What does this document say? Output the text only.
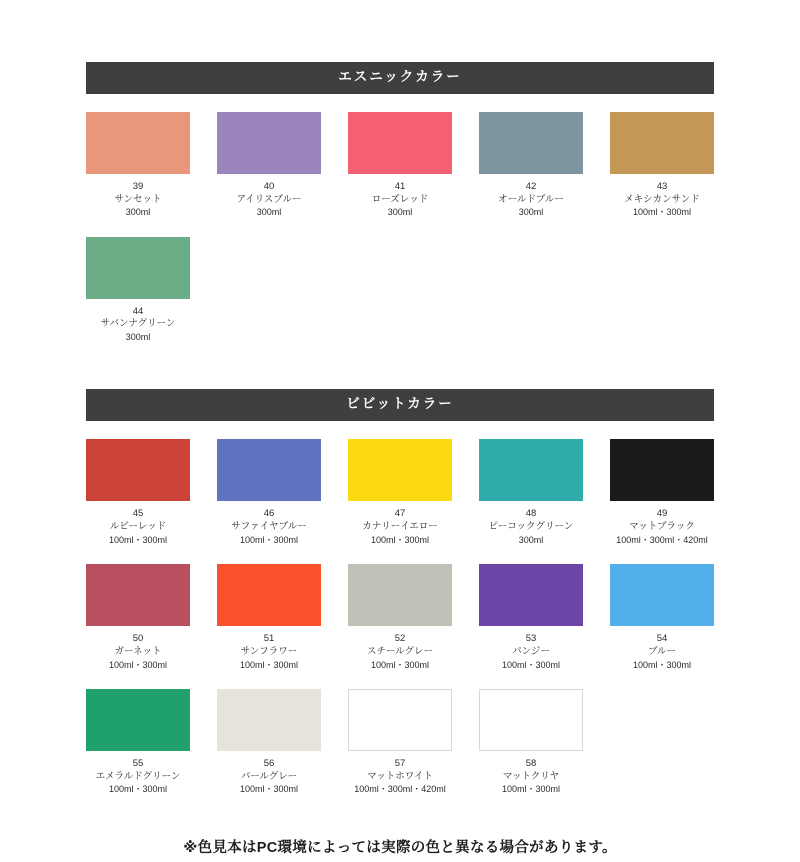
エスニックカラー
39
サンセット
300ml
40
アイリスブルー
300ml
41
ローズレッド
300ml
42
オールドブルー
300ml
43
メキシカンサンド
100ml・300ml
44
サバンナグリーン
300ml
ビビットカラー
45
ルビーレッド
100ml・300ml
46
サファイヤブルー
100ml・300ml
47
カナリーイエロー
100ml・300ml
48
ピーコックグリーン
300ml
49
マットブラック
100ml・300ml・420ml
50
ガーネット
100ml・300ml
51
サンフラワー
100ml・300ml
52
スチールグレー
100ml・300ml
53
パンジー
100ml・300ml
54
ブルー
100ml・300ml
55
エメラルドグリーン
100ml・300ml
56
パールグレー
100ml・300ml
57
マットホワイト
100ml・300ml・420ml
58
マットクリヤ
100ml・300ml
※色見本はPC環境によっては実際の色と異なる場合があります。
